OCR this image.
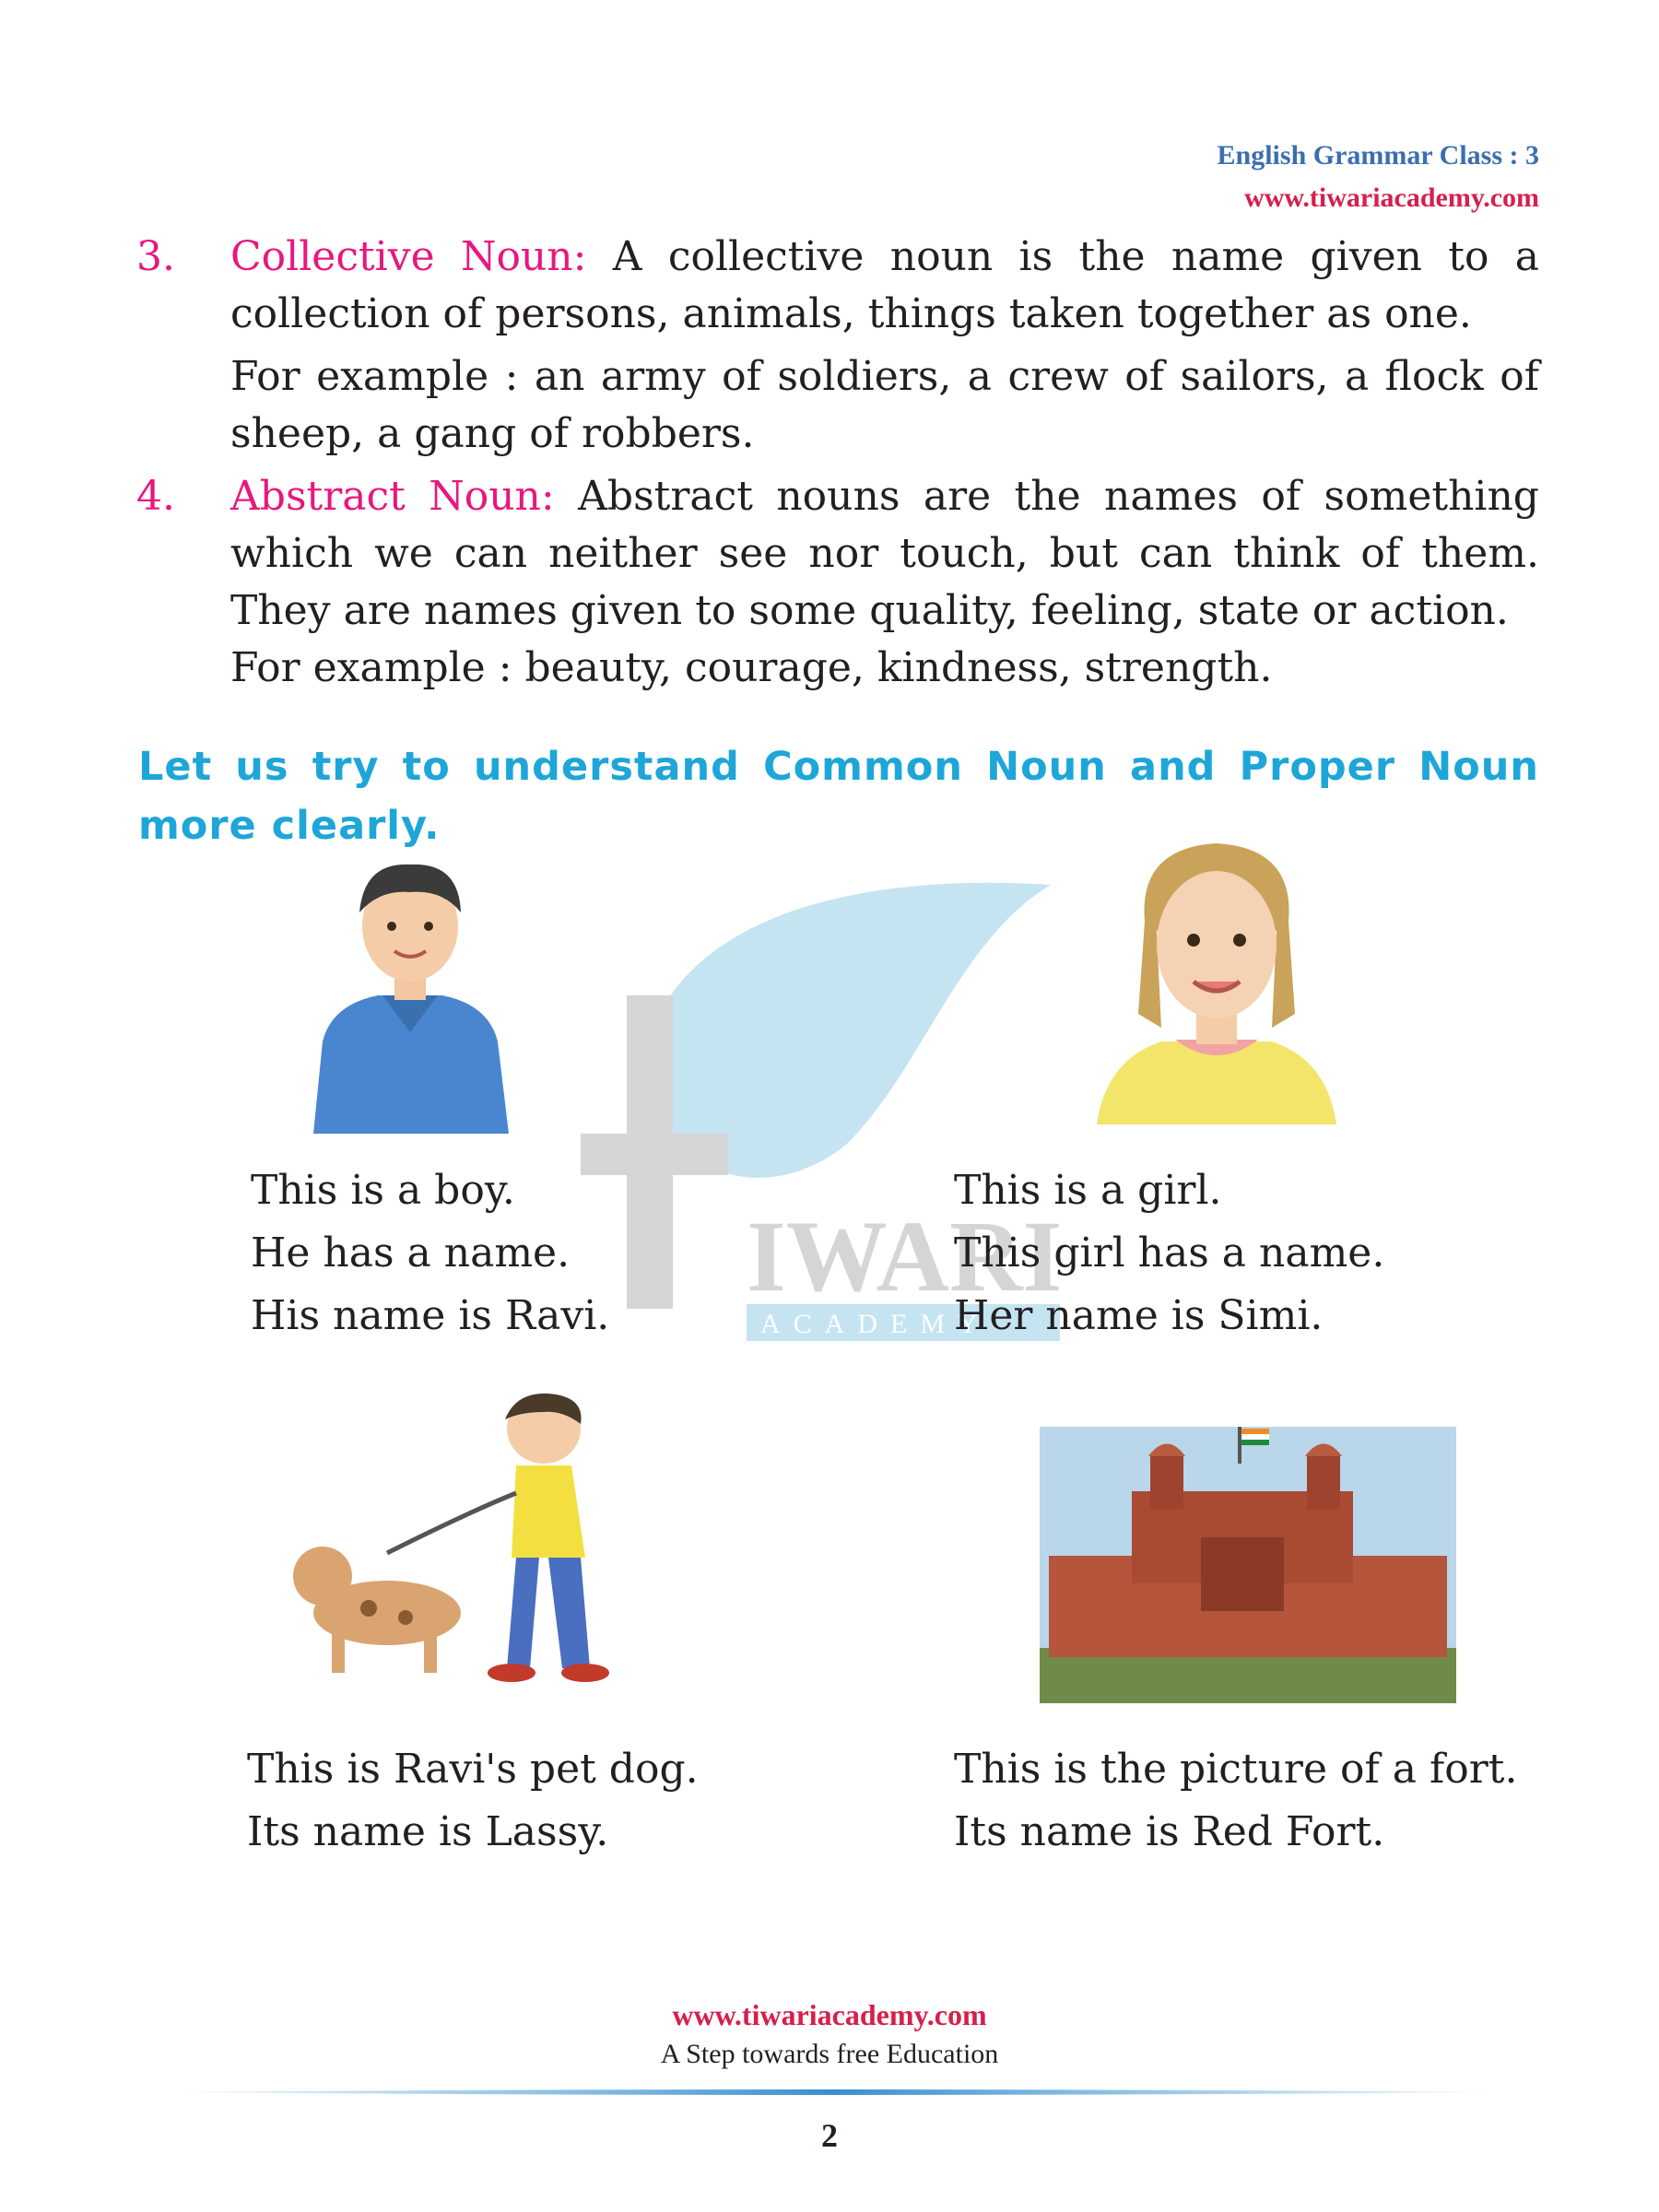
English Grammar Class : 3
www.tiwariacademy.com
IWARI
ACADEMY
3. Collective Noun: A collective noun is the name given to a collection of persons, animals, things taken together as one.
For example : an army of soldiers, a crew of sailors, a flock of sheep, a gang of robbers.
4. Abstract Noun: Abstract nouns are the names of something which we can neither see nor touch, but can think of them. They are names given to some quality, feeling, state or action.
For example : beauty, courage, kindness, strength.
Let us try to understand Common Noun and Proper Noun more clearly.
This is a boy.
He has a name.
His name is Ravi.
This is a girl.
This girl has a name.
Her name is Simi.
This is Ravi's pet dog.
Its name is Lassy.
This is the picture of a fort.
Its name is Red Fort.
www.tiwariacademy.com
A Step towards free Education
2
